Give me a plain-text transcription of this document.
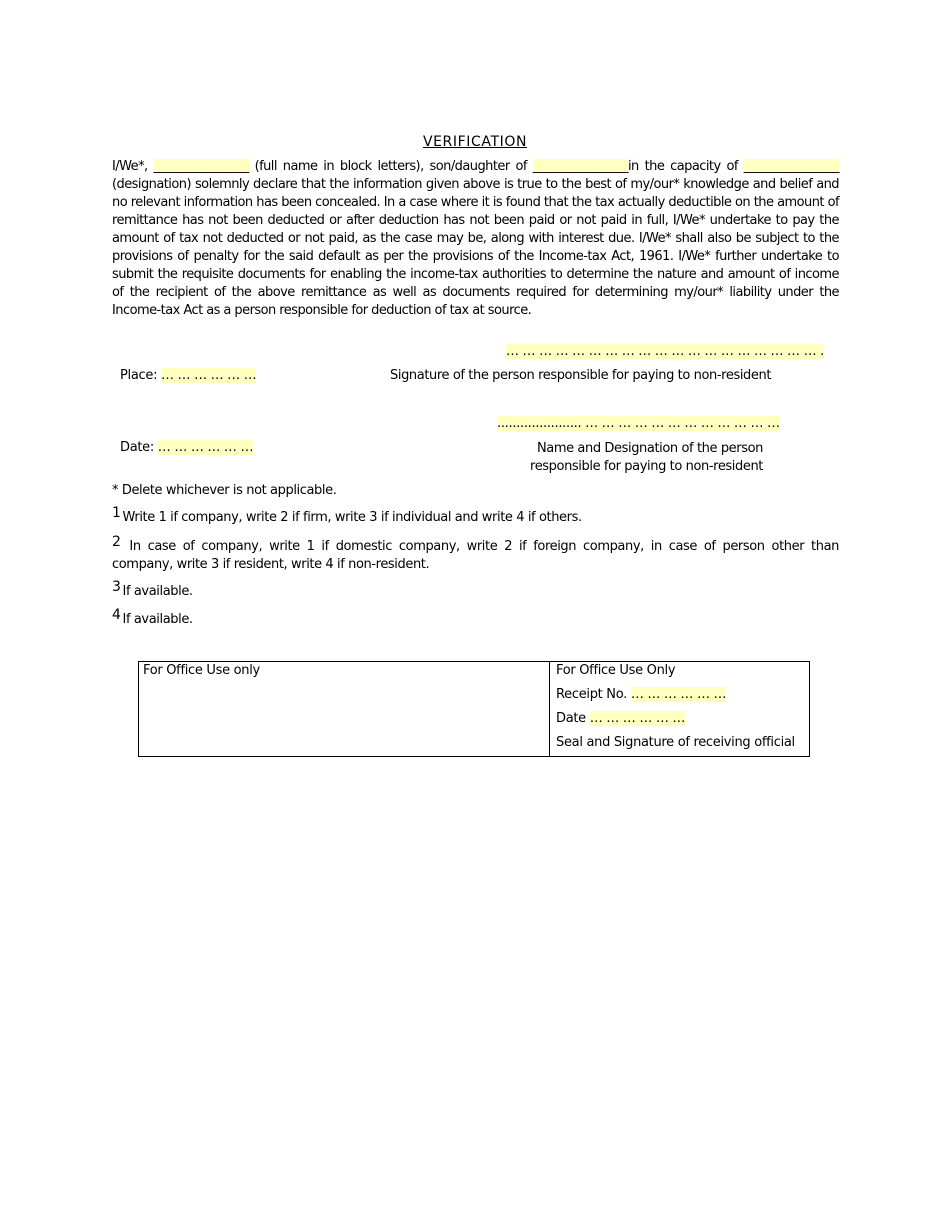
VERIFICATION
I/We*, ________________ (full name in block letters), son/daughter of ________________in the capacity of ________________ (designation) solemnly declare that the information given above is true to the best of my/our* knowledge and belief and no relevant information has been concealed. In a case where it is found that the tax actually deductible on the amount of remittance has not been deducted or after deduction has not been paid or not paid in full, I/We* undertake to pay the amount of tax not deducted or not paid, as the case may be, along with interest due. I/We* shall also be subject to the provisions of penalty for the said default as per the provisions of the Income-tax Act, 1961. I/We* further undertake to submit the requisite documents for enabling the income-tax authorities to determine the nature and amount of income of the recipient of the above remittance as well as documents required for determining my/our* liability under the Income-tax Act as a person responsible for deduction of tax at source.
… … … … … … … … … … … … … … … … … … … .
Place: … … … … … …	Signature of the person responsible for paying to non-resident
...................... … … … … … … … … … … … …
Date: … … … … … …	Name and Designation of the person
responsible for paying to non-resident
* Delete whichever is not applicable.
$^1$ Write 1 if company, write 2 if firm, write 3 if individual and write 4 if others.
$^2$ In case of company, write 1 if domestic company, write 2 if foreign company, in case of person other than company, write 3 if resident, write 4 if non-resident.
$^3$ If available.
$^4$ If available.
For Office Use only	For Office Use Only
Receipt No. … … … … … …
Date … … … … … …
Seal and Signature of receiving official
